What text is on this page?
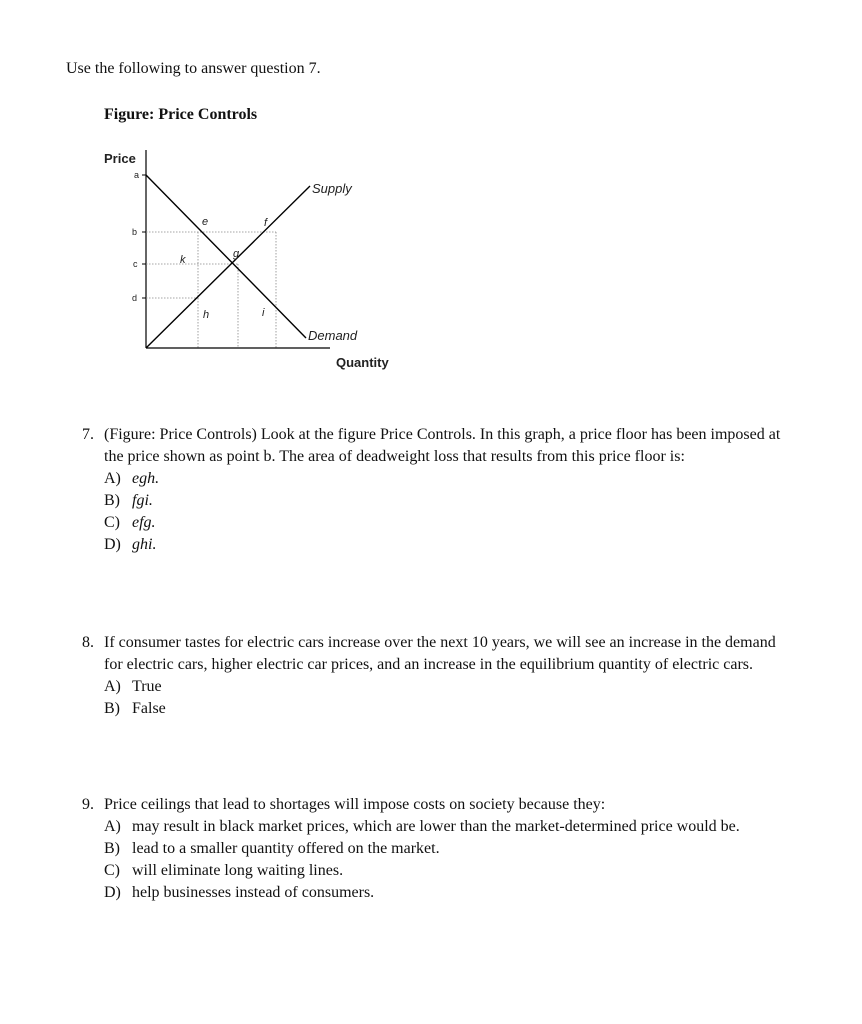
Use the following to answer question 7.
Figure: Price Controls
Price
Quantity
a
b
c
d
Supply
Demand
e	f
k	g
h	i
7. (Figure: Price Controls) Look at the figure Price Controls. In this graph, a price floor has been imposed at the price shown as point b. The area of deadweight loss that results from this price floor is:
A) egh.
B) fgi.
C) efg.
D) ghi.
8. If consumer tastes for electric cars increase over the next 10 years, we will see an increase in the demand for electric cars, higher electric car prices, and an increase in the equilibrium quantity of electric cars.
A) True
B) False
9. Price ceilings that lead to shortages will impose costs on society because they:
A) may result in black market prices, which are lower than the market-determined price would be.
B) lead to a smaller quantity offered on the market.
C) will eliminate long waiting lines.
D) help businesses instead of consumers.
